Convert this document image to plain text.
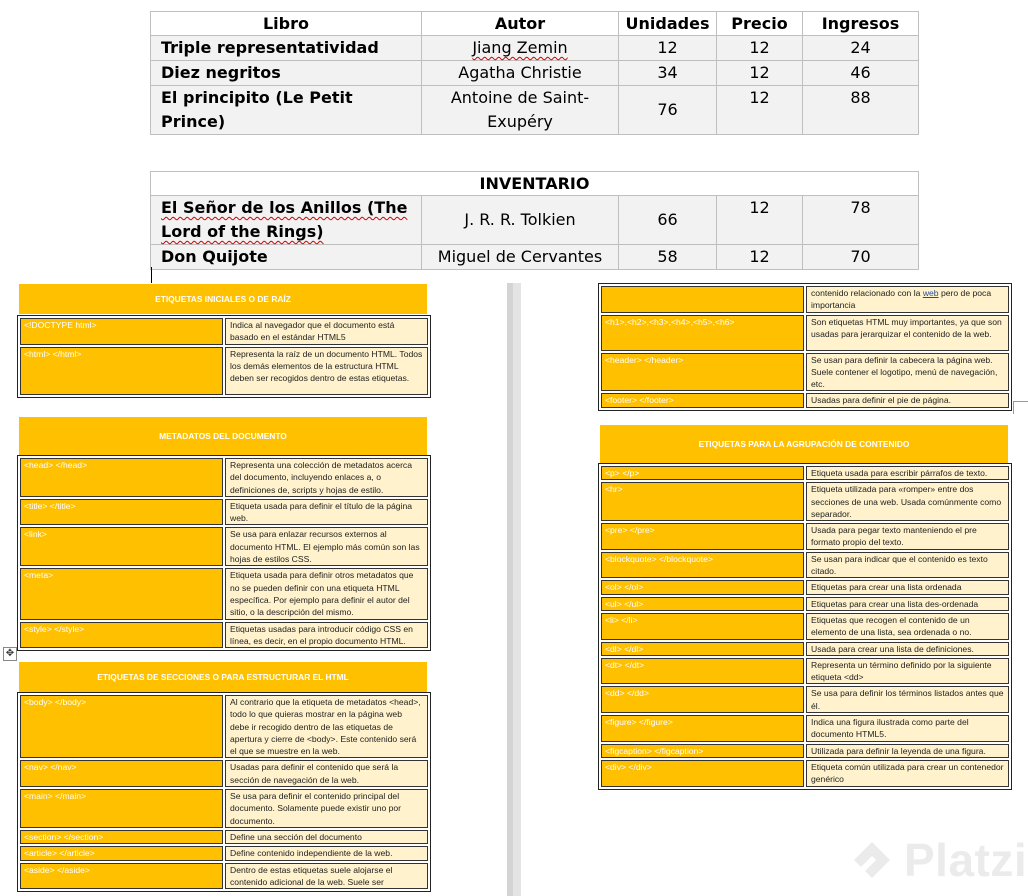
Libro	Autor	Unidades	Precio	Ingresos
Triple representatividad	Jiang Zemin	12	12	24
Diez negritos	Agatha Christie	34	12	46
El principito (Le Petit Prince)	Antoine de Saint-Exupéry	76	12	88
INVENTARIO				
El Señor de los Anillos (The Lord of the Rings)	J. R. R. Tolkien	66	12	78
Don Quijote	Miguel de Cervantes	58	12	70
ETIQUETAS INICIALES O DE RAÍZ
<!DOCTYPE html>	Indica al navegador que el documento está basado en el estándar HTML5
<html> </html>	Representa la raíz de un documento HTML. Todos los demás elementos de la estructura HTML deben ser recogidos dentro de estas etiquetas.
METADATOS DEL DOCUMENTO
<head> </head>	Representa una colección de metadatos acerca del documento, incluyendo enlaces a, o definiciones de, scripts y hojas de estilo.
<title> </title>	Etiqueta usada para definir el título de la página web.
<link>	Se usa para enlazar recursos externos al documento HTML. El ejemplo más común son las hojas de estilos CSS.
<meta>	Etiqueta usada para definir otros metadatos que no se pueden definir con una etiqueta HTML específica. Por ejemplo para definir el autor del sitio, o la descripción del mismo.
<style> </style>	Etiquetas usadas para introducir código CSS en línea, es decir, en el propio documento HTML.
✥
ETIQUETAS DE SECCIONES O PARA ESTRUCTURAR EL HTML
<body> </body>	Al contrario que la etiqueta de metadatos <head>, todo lo que quieras mostrar en la página web debe ir recogido dentro de las etiquetas de apertura y cierre de <body>. Este contenido será el que se muestre en la web.
<nav> </nav>	Usadas para definir el contenido que será la sección de navegación de la web.
<main> </main>	Se usa para definir el contenido principal del documento. Solamente puede existir uno por documento.
<section> </section>	Define una sección del documento
<article> </article>	Define contenido independiente de la web.
<aside> </aside>	Dentro de estas etiquetas suele alojarse el contenido adicional de la web. Suele ser
	contenido relacionado con la web pero de poca importancia
<h1>,<h2>,<h3>,<h4>,<h5>,<h6>	Son etiquetas HTML muy importantes, ya que son usadas para jerarquizar el contenido de la web.
<header> </header>	Se usan para definir la cabecera la página web. Suele contener el logotipo, menú de navegación, etc.
<footer> </footer>	Usadas para definir el pie de página.
ETIQUETAS PARA LA AGRUPACIÓN DE CONTENIDO
<p> </p>	Etiqueta usada para escribir párrafos de texto.
<hr>	Etiqueta utilizada para «romper» entre dos secciones de una web. Usada comúnmente como separador.
<pre> </pre>	Usada para pegar texto manteniendo el pre formato propio del texto.
<blockquote> </blockquote>	Se usan para indicar que el contenido es texto citado.
<ol> </ol>	Etiquetas para crear una lista ordenada
<ul> </ul>	Etiquetas para crear una lista des-ordenada
<li> </li>	Etiquetas que recogen el contenido de un elemento de una lista, sea ordenada o no.
<dl> </dl>	Usada para crear una lista de definiciones.
<dt> </dt>	Representa un término definido por la siguiente etiqueta <dd>
<dd> </dd>	Se usa para definir los términos listados antes que él.
<figure> </figure>	Indica una figura ilustrada como parte del documento HTML5.
<figcaption> </figcaption>	Utilizada para definir la leyenda de una figura.
<div> </div>	Etiqueta común utilizada para crear un contenedor genérico
Platzi
